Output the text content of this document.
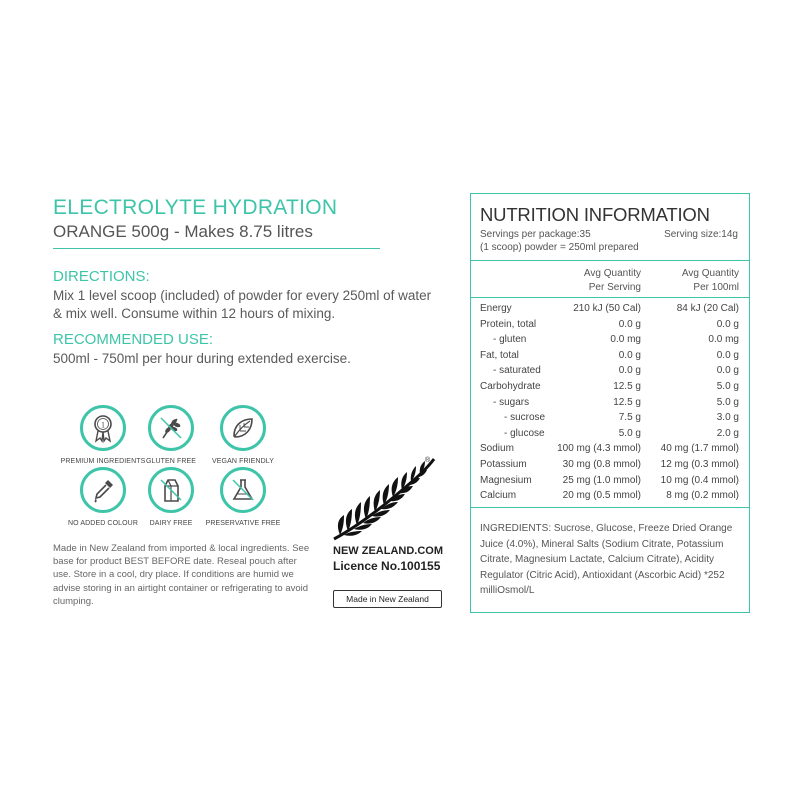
ELECTROLYTE HYDRATION
ORANGE 500g - Makes 8.75 litres
DIRECTIONS:
Mix 1 level scoop (included) of powder for every 250ml of water & mix well. Consume within 12 hours of mixing.
RECOMMENDED USE:
500ml - 750ml per hour during extended exercise.
1
PREMIUM INGREDIENTS GLUTEN FREE	VEGAN FRIENDLY
NO ADDED COLOUR	DAIRY FREE	PRESERVATIVE FREE
Made in New Zealand from imported & local ingredients. See base for product BEST BEFORE date. Reseal pouch after use. Store in a cool, dry place. If conditions are humid we advise storing in an airtight container or refrigerating to avoid clumping.
®
NEW ZEALAND.COM
Licence No.100155
Made in New Zealand
NUTRITION INFORMATION
Servings per package:35	Serving size:14g
(1 scoop) powder = 250ml prepared
Avg Quantity
Per Serving
Avg Quantity
Per 100ml
Energy	210 kJ (50 Cal)	84 kJ (20 Cal)
Protein, total	0.0 g	0.0 g
- gluten	0.0 mg	0.0 mg
Fat, total	0.0 g	0.0 g
- saturated	0.0 g	0.0 g
Carbohydrate	12.5 g	5.0 g
- sugars	12.5 g	5.0 g
- sucrose	7.5 g	3.0 g
- glucose	5.0 g	2.0 g
Sodium	100 mg (4.3 mmol) 40 mg (1.7 mmol)
Potassium	30 mg (0.8 mmol) 12 mg (0.3 mmol)
Magnesium	25 mg (1.0 mmol) 10 mg (0.4 mmol)
Calcium	20 mg (0.5 mmol)	8 mg (0.2 mmol)
INGREDIENTS: Sucrose, Glucose, Freeze Dried Orange Juice (4.0%), Mineral Salts (Sodium Citrate, Potassium Citrate, Magnesium Lactate, Calcium Citrate), Acidity Regulator (Citric Acid), Antioxidant (Ascorbic Acid) *252 milliOsmol/L
